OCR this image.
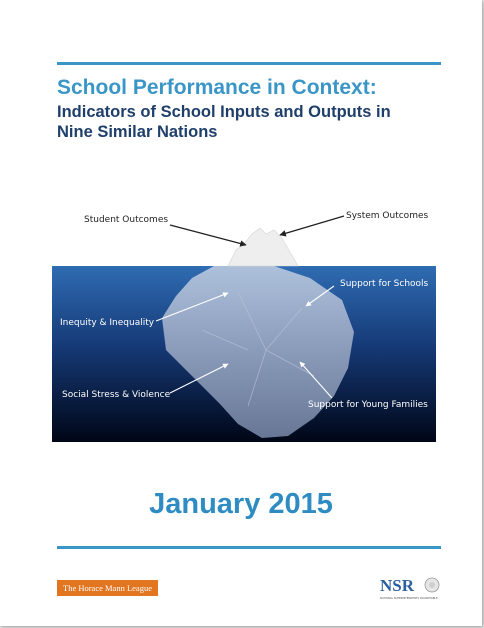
School Performance in Context:
Indicators of School Inputs and Outputs in
Nine Similar Nations
Student Outcomes	System Outcomes
Support for Schools
Inequity & Inequality
Social Stress & Violence
Support for Young Families
January 2015
The Horace Mann League	NSR
NATIONAL SUPERINTENDENTS ROUNDTABLE
